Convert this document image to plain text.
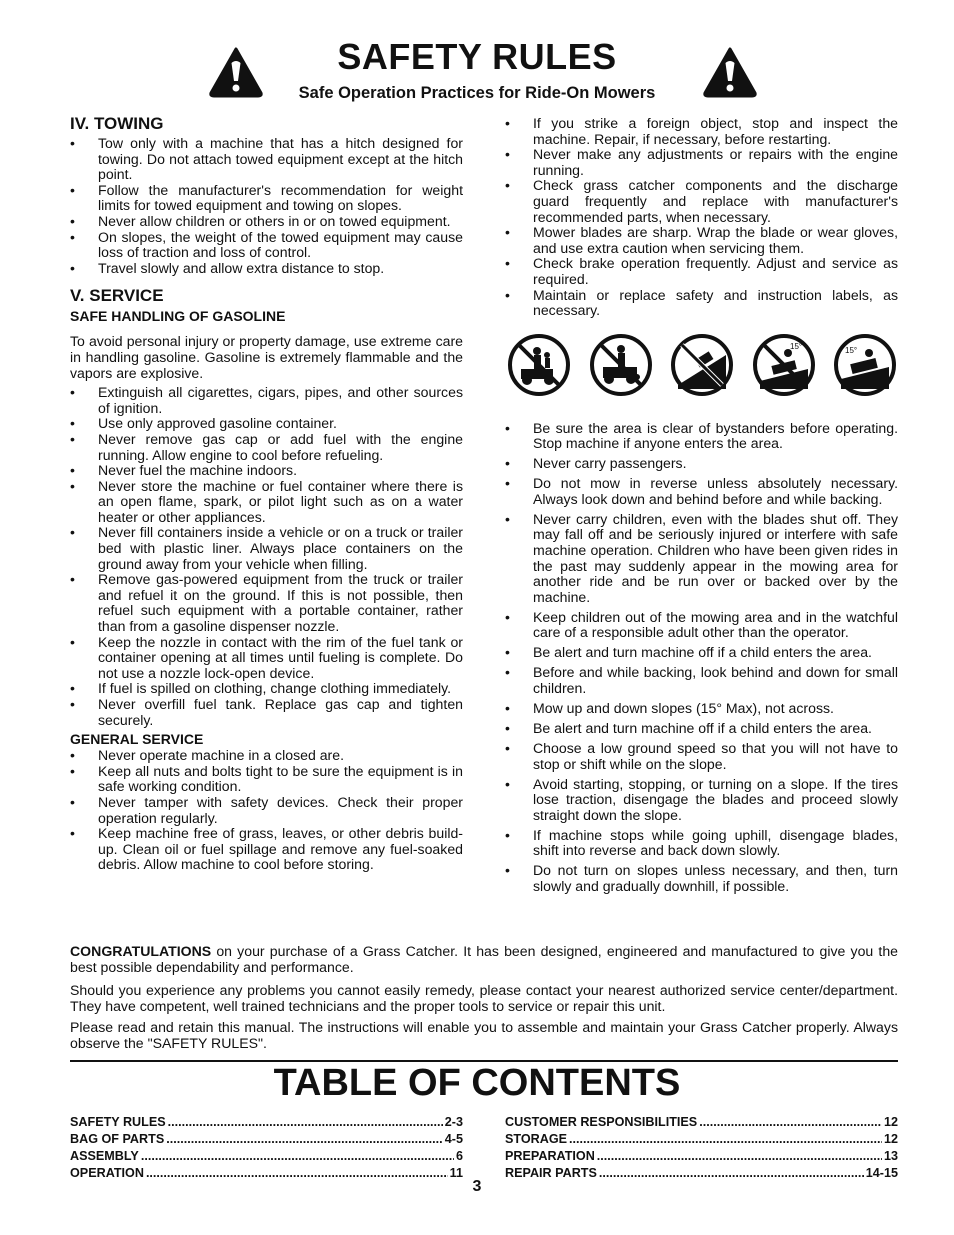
SAFETY RULES
Safe Operation Practices for Ride-On Mowers
IV. TOWING
• Tow only with a machine that has a hitch designed for towing. Do not attach towed equipment except at the hitch point.
• Follow the manufacturer's recommendation for weight limits for towed equipment and towing on slopes.
• Never allow children or others in or on towed equipment.
• On slopes, the weight of the towed equipment may cause loss of traction and loss of control.
• Travel slowly and allow extra distance to stop.
V. SERVICE
SAFE HANDLING OF GASOLINE

To avoid personal injury or property damage, use extreme care in handling gasoline. Gasoline is extremely flammable and the vapors are explosive.

• Extinguish all cigarettes, cigars, pipes, and other sources of ignition.
• Use only approved gasoline container.
• Never remove gas cap or add fuel with the engine running. Allow engine to cool before refueling.
• Never fuel the machine indoors.
• Never store the machine or fuel container where there is an open flame, spark, or pilot light such as on a water heater or other appliances.
• Never fill containers inside a vehicle or on a truck or trailer bed with plastic liner. Always place containers on the ground away from your vehicle when filling.
• Remove gas-powered equipment from the truck or trailer and refuel it on the ground. If this is not possible, then refuel such equipment with a portable container, rather than from a gasoline dispenser nozzle.
• Keep the nozzle in contact with the rim of the fuel tank or container opening at all times until fueling is complete. Do not use a nozzle lock-open device.
• If fuel is spilled on clothing, change clothing immediately.
• Never overfill fuel tank. Replace gas cap and tighten securely.
GENERAL SERVICE
• Never operate machine in a closed are.
• Keep all nuts and bolts tight to be sure the equipment is in safe working condition.
• Never tamper with safety devices. Check their proper operation regularly.
• Keep machine free of grass, leaves, or other debris build-up. Clean oil or fuel spillage and remove any fuel-soaked debris. Allow machine to cool before storing.
• If you strike a foreign object, stop and inspect the machine. Repair, if necessary, before restarting.
• Never make any adjustments or repairs with the engine running.
• Check grass catcher components and the discharge guard frequently and replace with manufacturer's recommended parts, when necessary.
• Mower blades are sharp. Wrap the blade or wear gloves, and use extra caution when servicing them.
• Check brake operation frequently. Adjust and service as required.
• Maintain or replace safety and instruction labels, as necessary.
15°	15°
• Be sure the area is clear of bystanders before operating. Stop machine if anyone enters the area.
• Never carry passengers.
• Do not mow in reverse unless absolutely necessary. Always look down and behind before and while backing.
• Never carry children, even with the blades shut off. They may fall off and be seriously injured or interfere with safe machine operation. Children who have been given rides in the past may suddenly appear in the mowing area for another ride and be run over or backed over by the machine.
• Keep children out of the mowing area and in the watchful care of a responsible adult other than the operator.
• Be alert and turn machine off if a child enters the area.
• Before and while backing, look behind and down for small children.
• Mow up and down slopes (15° Max), not across.
• Be alert and turn machine off if a child enters the area.
• Choose a low ground speed so that you will not have to stop or shift while on the slope.
• Avoid starting, stopping, or turning on a slope. If the tires lose traction, disengage the blades and proceed slowly straight down the slope.
• If machine stops while going uphill, disengage blades, shift into reverse and back down slowly.
• Do not turn on slopes unless necessary, and then, turn slowly and gradually downhill, if possible.

CONGRATULATIONS on your purchase of a Grass Catcher. It has been designed, engineered and manufactured to give you the best possible dependability and performance.

Should you experience any problems you cannot easily remedy, please contact your nearest authorized service center/department. They have competent, well trained technicians and the proper tools to service or repair this unit.

Please read and retain this manual. The instructions will enable you to assemble and maintain your Grass Catcher properly. Always observe the "SAFETY RULES".

TABLE OF CONTENTS
SAFETY RULES .....	2-3
BAG OF PARTS .....	4-5
ASSEMBLY .....	6
OPERATION .....	11
CUSTOMER RESPONSIBILITIES .....	12
STORAGE .....	12
PREPARATION .....	13
REPAIR PARTS .....	14-15
3
